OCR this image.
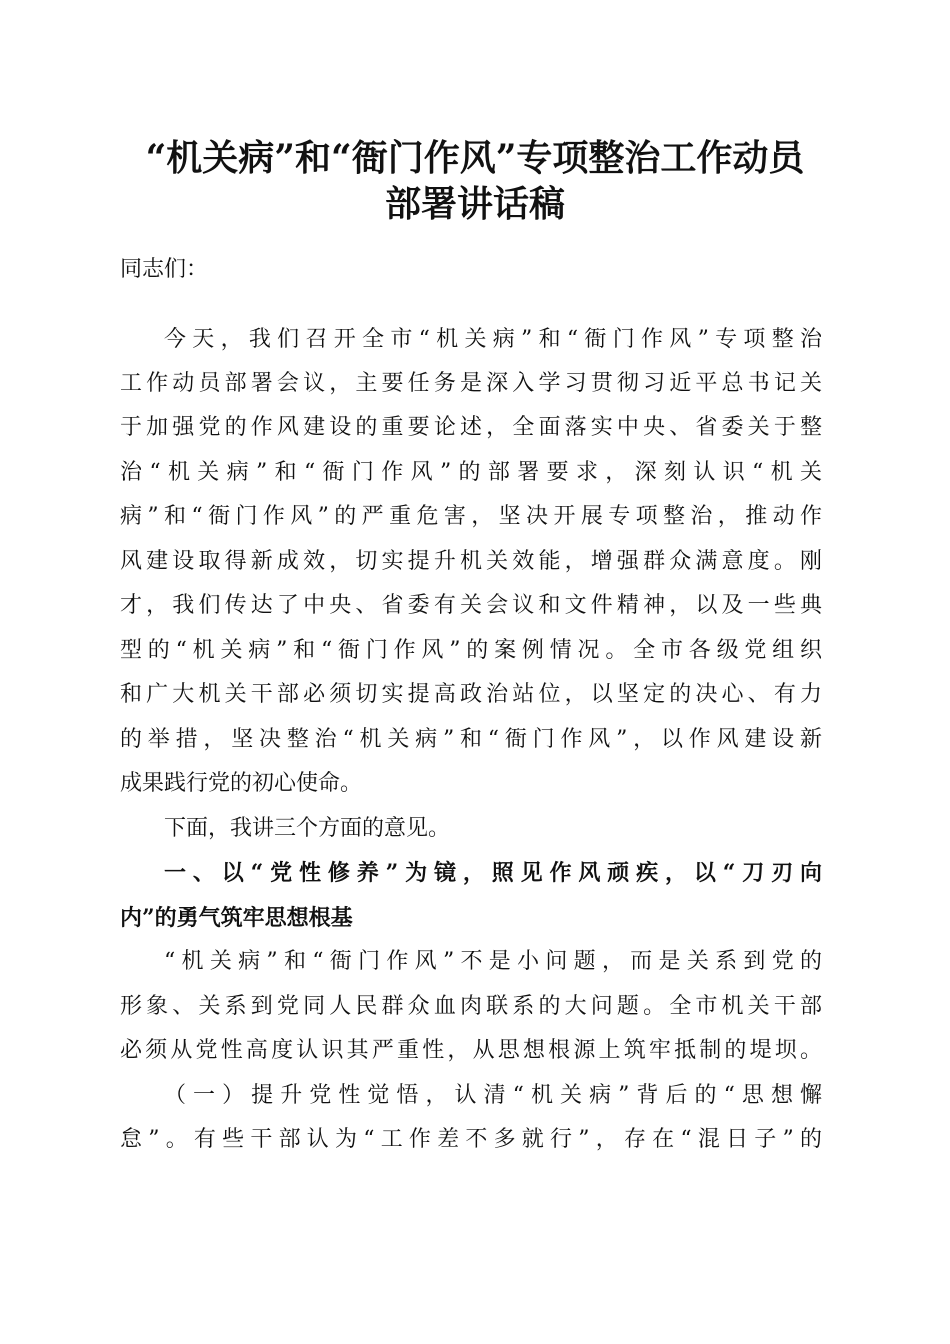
“机关病”和“衙门作风”专项整治工作动员
部署讲话稿
同志们：
今天，我们召开全市“机关病”和“衙门作风”专项整治
工作动员部署会议，主要任务是深入学习贯彻习近平总书记关
于加强党的作风建设的重要论述，全面落实中央、省委关于整
治“机关病”和“衙门作风”的部署要求，深刻认识“机关
病”和“衙门作风”的严重危害，坚决开展专项整治，推动作
风建设取得新成效，切实提升机关效能，增强群众满意度。刚
才，我们传达了中央、省委有关会议和文件精神，以及一些典
型的“机关病”和“衙门作风”的案例情况。全市各级党组织
和广大机关干部必须切实提高政治站位，以坚定的决心、有力
的举措，坚决整治“机关病”和“衙门作风”，以作风建设新
成果践行党的初心使命。
下面，我讲三个方面的意见。
一、以“党性修养”为镜，照见作风顽疾，以“刀刃向
内”的勇气筑牢思想根基
“机关病”和“衙门作风”不是小问题，而是关系到党的
形象、关系到党同人民群众血肉联系的大问题。全市机关干部
必须从党性高度认识其严重性，从思想根源上筑牢抵制的堤坝。
（一）提升党性觉悟，认清“机关病”背后的“思想懈
怠”。有些干部认为“工作差不多就行”，存在“混日子”的
